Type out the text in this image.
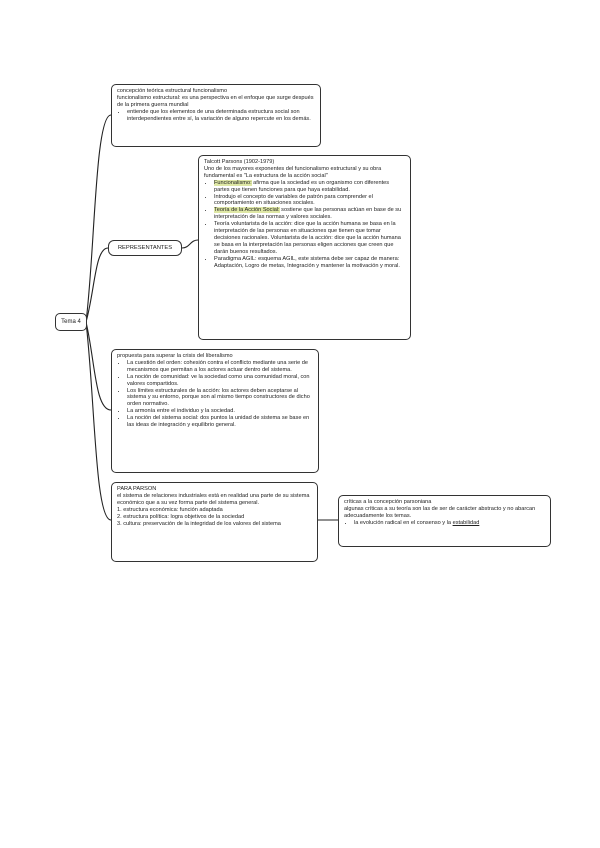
Tema 4

concepción teórica estructural funcionalismo

funcionalismo estructural: es una perspectiva en el enfoque que surge después de la primera guerra mundial

• entiende que los elementos de una determinada estructura social son interdependientes entre sí, la variación de alguno repercute en los demás.
REPRESENTANTES

Talcott Parsons (1902-1979)

Uno de los mayores exponentes del funcionalismo estructural y su obra fundamental es "La estructura de la acción social"

• Funcionalismo: afirma que la sociedad es un organismo con diferentes partes que tienen funciones para que haya estabilidad.
• Introdujo el concepto de variables de patrón para comprender el comportamiento en situaciones sociales.
• Teoría de la Acción Social: sostiene que las personas actúan en base de su interpretación de las normas y valores sociales.
• Teoría voluntarista de la acción: dice que la acción humana se basa en la interpretación de las personas en situaciones que tienen que tomar decisiones racionales. Voluntarista de la acción: dice que la acción humana se basa en la interpretación las personas eligen acciones que creen que darán buenos resultados.
• Paradigma AGIL: esquema AGIL, este sistema debe ser capaz de manera: Adaptación, Logro de metas, Integración y mantener la motivación y moral.

propuesta para superar la crisis del liberalismo

• La cuestión del orden: cohesión contra el conflicto mediante una serie de mecanismos que permitan a los actores actuar dentro del sistema.
• La noción de comunidad: ve la sociedad como una comunidad moral, con valores compartidos.
• Los límites estructurales de la acción: los actores deben aceptarse al sistema y su entorno, porque son al mismo tiempo constructores de dicho orden normativo.
• La armonía entre el individuo y la sociedad.
• La noción del sistema social: dos puntos la unidad de sistema se base en las ideas de integración y equilibrio general.

PARA PARSON

el sistema de relaciones industriales está en realidad una parte de su sistema económico que a su vez forma parte del sistema general.

1. estructura económica: función adaptada
2. estructura política: logra objetivos de la sociedad
3. cultura: preservación de la integridad de los valores del sistema

críticas a la concepción parsoniana

algunas críticas a su teoría son las de ser de carácter abstracto y no abarcan adecuadamente los temas.

• la evolución radical en el consenso y la estabilidad
